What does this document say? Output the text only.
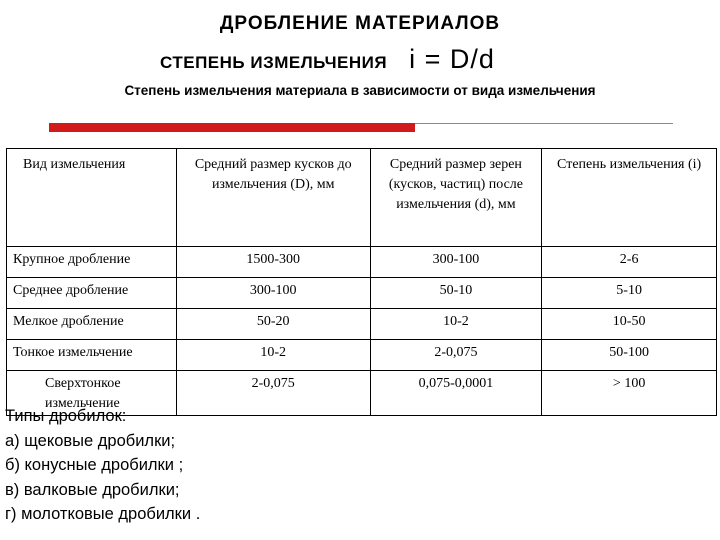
ДРОБЛЕНИЕ МАТЕРИАЛОВ
СТЕПЕНЬ ИЗМЕЛЬЧЕНИЯ i = D/d
Степень измельчения материала в зависимости от вида измельчения
Вид измельчения	Средний размер кусков до измельчения (D), мм	Средний размер зерен (кусков, частиц) после измельчения (d), мм	Степень измельчения (i)
Крупное дробление	1500-300	300-100	2-6
Среднее дробление	300-100	50-10	5-10
Мелкое дробление	50-20	10-2	10-50
Тонкое измельчение	10-2	2-0,075	50-100
Сверхтонкое измельчение	2-0,075	0,075-0,0001	> 100
Типы дробилок:
а) щековые дробилки;
б) конусные дробилки ;
в) валковые дробилки;
г) молотковые дробилки .
